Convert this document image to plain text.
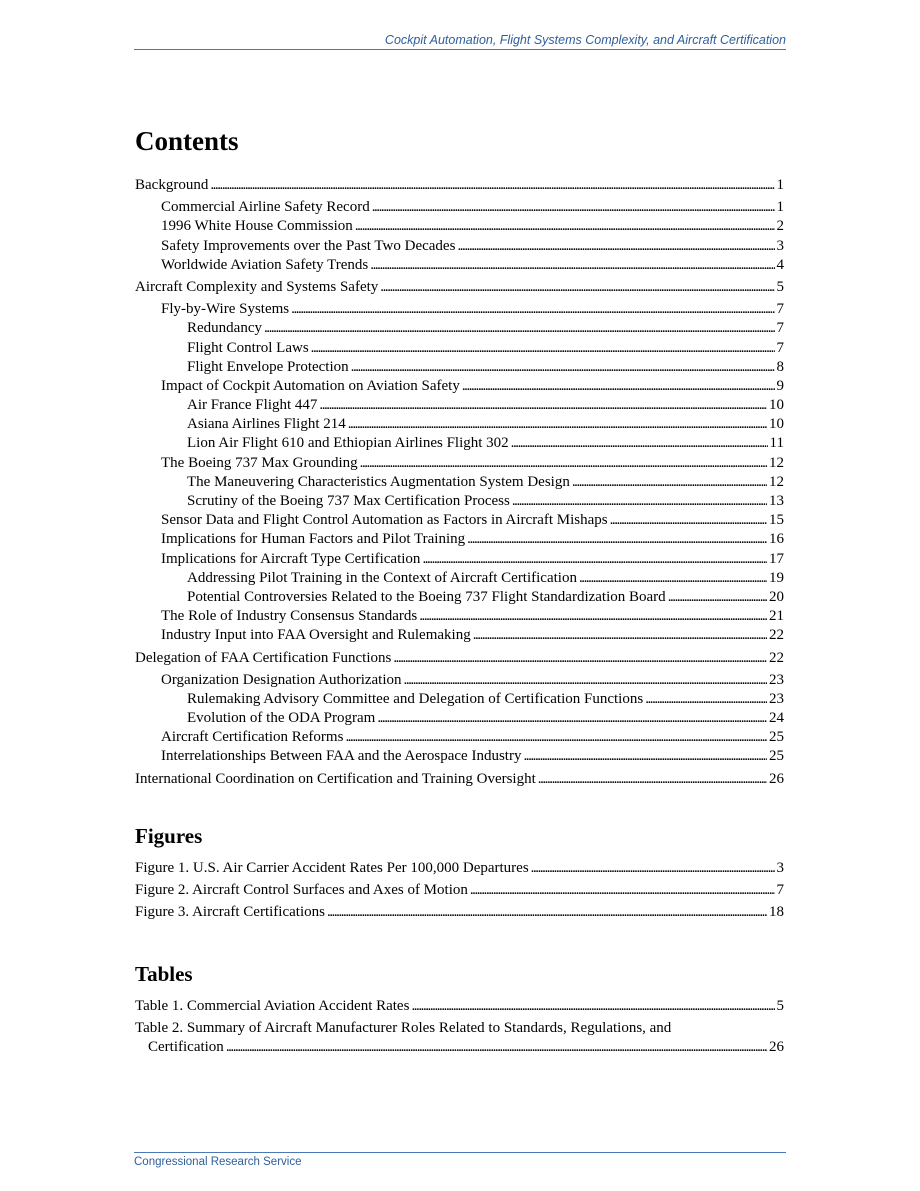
Cockpit Automation, Flight Systems Complexity, and Aircraft Certification
Contents
Background . . .	1
Commercial Airline Safety Record . . .	1
1996 White House Commission . . .	2
Safety Improvements over the Past Two Decades . . .	3
Worldwide Aviation Safety Trends . . .	4
Aircraft Complexity and Systems Safety . . .	5
Fly-by-Wire Systems . . .	7
Redundancy . . .	7
Flight Control Laws . . .	7
Flight Envelope Protection . . .	8
Impact of Cockpit Automation on Aviation Safety . . .	9
Air France Flight 447 . . .	10
Asiana Airlines Flight 214 . . .	10
Lion Air Flight 610 and Ethiopian Airlines Flight 302 . . .	11
The Boeing 737 Max Grounding . . .	12
The Maneuvering Characteristics Augmentation System Design . . .	12
Scrutiny of the Boeing 737 Max Certification Process . . .	13
Sensor Data and Flight Control Automation as Factors in Aircraft Mishaps . . .	15
Implications for Human Factors and Pilot Training . . .	16
Implications for Aircraft Type Certification . . .	17
Addressing Pilot Training in the Context of Aircraft Certification . . .	19
Potential Controversies Related to the Boeing 737 Flight Standardization Board . . .	20
The Role of Industry Consensus Standards . . .	21
Industry Input into FAA Oversight and Rulemaking . . .	22
Delegation of FAA Certification Functions . . .	22
Organization Designation Authorization . . .	23
Rulemaking Advisory Committee and Delegation of Certification Functions . . .	23
Evolution of the ODA Program . . .	24
Aircraft Certification Reforms . . .	25
Interrelationships Between FAA and the Aerospace Industry . . .	25
International Coordination on Certification and Training Oversight . . .	26
Figures
Figure 1. U.S. Air Carrier Accident Rates Per 100,000 Departures . . .	3
Figure 2. Aircraft Control Surfaces and Axes of Motion . . .	7
Figure 3. Aircraft Certifications . . .	18
Tables
Table 1. Commercial Aviation Accident Rates . . .	5
Table 2. Summary of Aircraft Manufacturer Roles Related to Standards, Regulations, and
Certification . . .	26
Congressional Research Service
